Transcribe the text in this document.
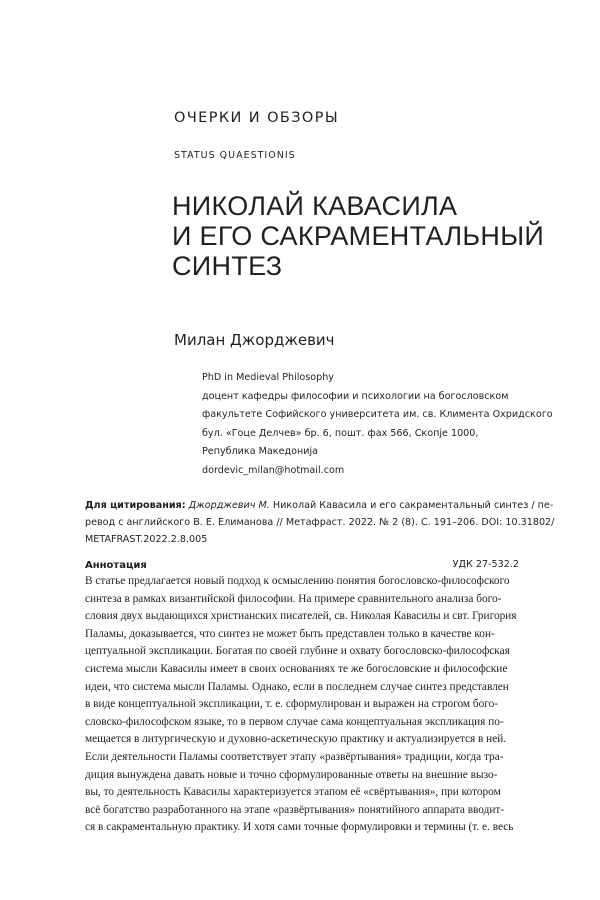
ОЧЕРКИ И ОБЗОРЫ
STATUS QUAESTIONIS
НИКОЛАЙ КАВАСИЛА
И ЕГО САКРАМЕНТАЛЬНЫЙ
СИНТЕЗ
Милан Джорджевич
PhD in Medieval Philosophy
доцент кафедры философии и психологии на богословском
факультете Софийского университета им. св. Климента Охридского
бул. «Гоце Делчев» бр. 6, пошт. фах 566, Скопје 1000,
Република Македонија
dordevic_milan@hotmail.com
Для цитирования: Джорджевич М. Николай Кавасила и его сакраментальный синтез / пе-
ревод с английского В. Е. Елиманова // Метафраст. 2022. № 2 (8). С. 191–206. DOI: 10.31802/
METAFRAST.2022.2.8.005
Аннотация	УДК 27-532.2
В статье предлагается новый подход к осмыслению понятия богословско-философского
синтеза в рамках византийской философии. На примере сравнительного анализа бого-
словия двух выдающихся христианских писателей, св. Николая Кавасилы и свт. Григория
Паламы, доказывается, что синтез не может быть представлен только в качестве кон-
цептуальной экспликации. Богатая по своей глубине и охвату богословско-философская
система мысли Кавасилы имеет в своих основаниях те же богословские и философские
идеи, что система мысли Паламы. Однако, если в последнем случае синтез представлен
в виде концептуальной экспликации, т. е. сформулирован и выражен на строгом бого-
словско-философском языке, то в первом случае сама концептуальная экспликация по-
мещается в литургическую и духовно-аскетическую практику и актуализируется в ней.
Если деятельности Паламы соответствует этапу «развёртывания» традиции, когда тра-
диция вынуждена давать новые и точно сформулированные ответы на внешние вызо-
вы, то деятельность Кавасилы характеризуется этапом её «свёртывания», при котором
всё богатство разработанного на этапе «развёртывания» понятийного аппарата вводит-
ся в сакраментальную практику. И хотя сами точные формулировки и термины (т. е. весь
